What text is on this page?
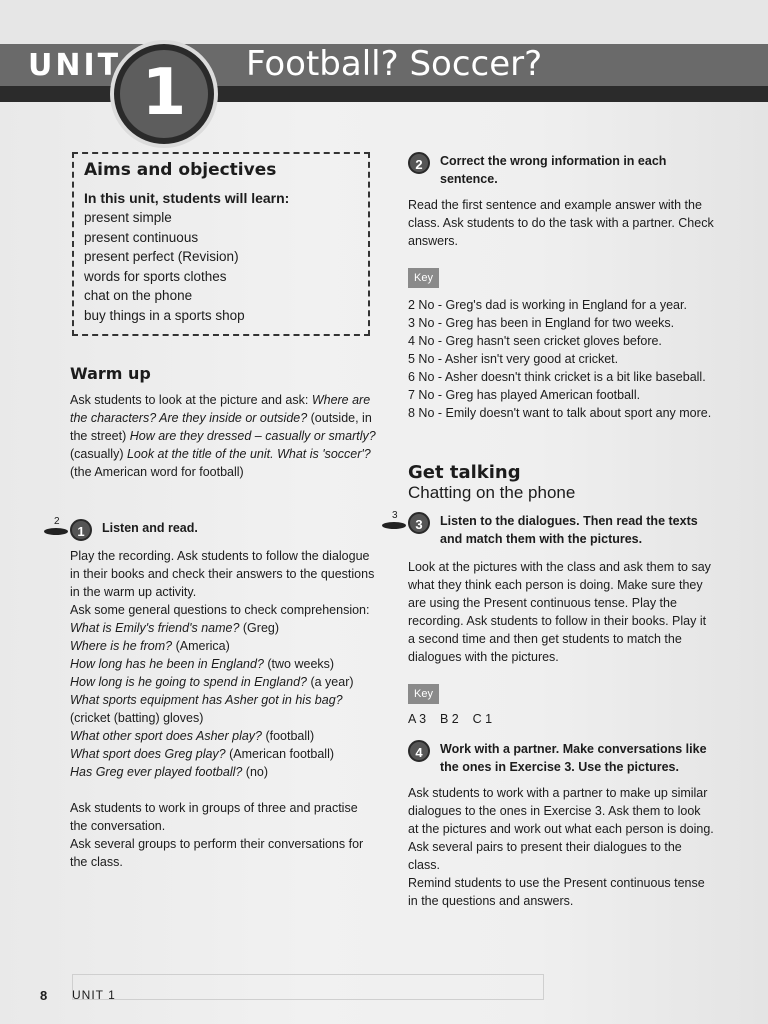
UNIT 1	Football? Soccer?
Aims and objectives
In this unit, students will learn:
present simple
present continuous
present perfect (Revision)
words for sports clothes
chat on the phone
buy things in a sports shop

Warm up

Ask students to look at the picture and ask: Where are the characters? Are they inside or outside? (outside, in the street) How are they dressed – casually or smartly? (casually) Look at the title of the unit. What is 'soccer'? (the American word for football)

2
1	Listen and read.

Play the recording. Ask students to follow the dialogue in their books and check their answers to the questions in the warm up activity.

Ask some general questions to check comprehension:

What is Emily's friend's name? (Greg)

Where is he from? (America)

How long has he been in England? (two weeks)

How long is he going to spend in England? (a year)

What sports equipment has Asher got in his bag? (cricket (batting) gloves)

What other sport does Asher play? (football)

What sport does Greg play? (American football)

Has Greg ever played football? (no)

Ask students to work in groups of three and practise the conversation.

Ask several groups to perform their conversations for the class.

2	Correct the wrong information in each sentence.

Read the first sentence and example answer with the class. Ask students to do the task with a partner. Check answers.

Key

2 No - Greg's dad is working in England for a year.

3 No - Greg has been in England for two weeks.

4 No - Greg hasn't seen cricket gloves before.

5 No - Asher isn't very good at cricket.

6 No - Asher doesn't think cricket is a bit like baseball.

7 No - Greg has played American football.

8 No - Emily doesn't want to talk about sport any more.

Get talking

Chatting on the phone

3
3	Listen to the dialogues. Then read the texts and match them with the pictures.

Look at the pictures with the class and ask them to say what they think each person is doing. Make sure they are using the Present continuous tense. Play the recording. Ask students to follow in their books. Play it a second time and then get students to match the dialogues with the pictures.

Key

A 3    B 2    C 1

4	Work with a partner. Make conversations like the ones in Exercise 3. Use the pictures.

Ask students to work with a partner to make up similar dialogues to the ones in Exercise 3. Ask them to look at the pictures and work out what each person is doing.

Ask several pairs to present their dialogues to the class.

Remind students to use the Present continuous tense in the questions and answers.

8 UNIT 1
